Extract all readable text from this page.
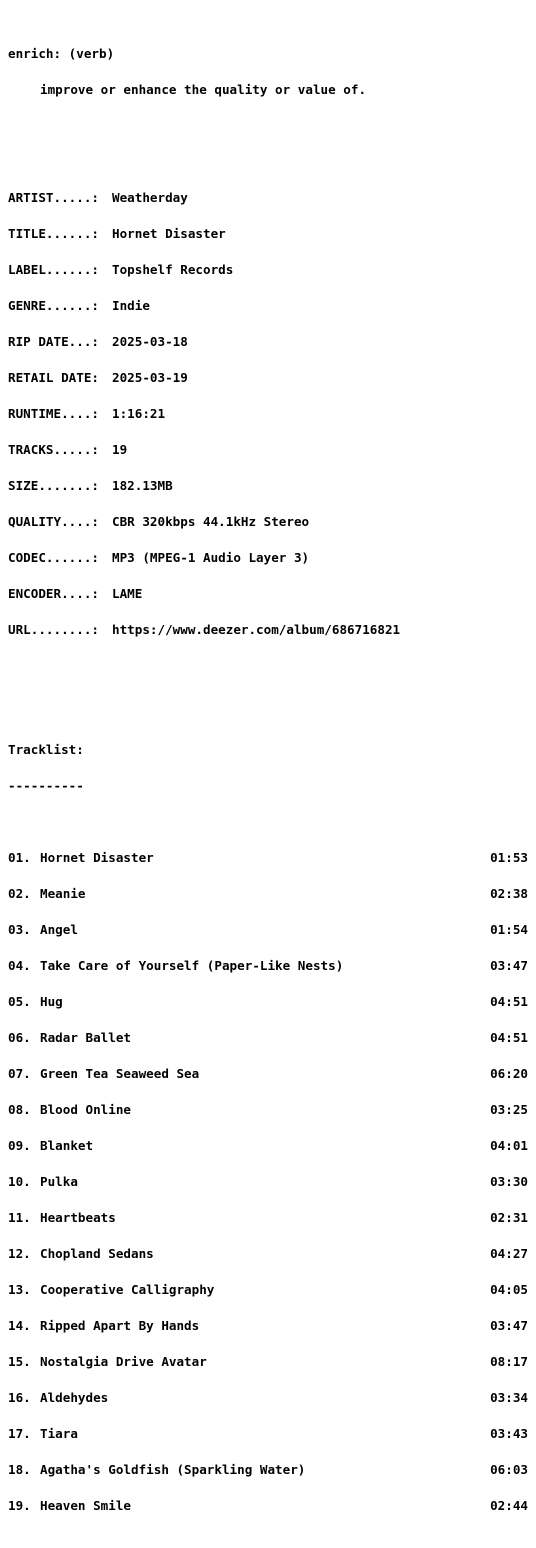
enrich: (verb)

improve or enhance the quality or value of.

ARTIST.....:	Weatherday

TITLE......:	Hornet Disaster

LABEL......:	Topshelf Records

GENRE......:	Indie

RIP DATE...:	2025-03-18

RETAIL DATE:	2025-03-19

RUNTIME....:	1:16:21

TRACKS.....:	19

SIZE.......:	182.13MB

QUALITY....:	CBR 320kbps 44.1kHz Stereo

CODEC......:	MP3 (MPEG-1 Audio Layer 3)

ENCODER....:	LAME

URL........:	https://www.deezer.com/album/686716821

Tracklist:

----------

01. Hornet Disaster	01:53

02. Meanie	02:38

03. Angel	01:54

04. Take Care of Yourself (Paper-Like Nests)	03:47

05. Hug	04:51

06. Radar Ballet	04:51

07. Green Tea Seaweed Sea	06:20

08. Blood Online	03:25

09. Blanket	04:01

10. Pulka	03:30

11. Heartbeats	02:31

12. Chopland Sedans	04:27

13. Cooperative Calligraphy	04:05

14. Ripped Apart By Hands	03:47

15. Nostalgia Drive Avatar	08:17

16. Aldehydes	03:34

17. Tiara	03:43

18. Agatha's Goldfish (Sparkling Water)	06:03

19. Heaven Smile	02:44
